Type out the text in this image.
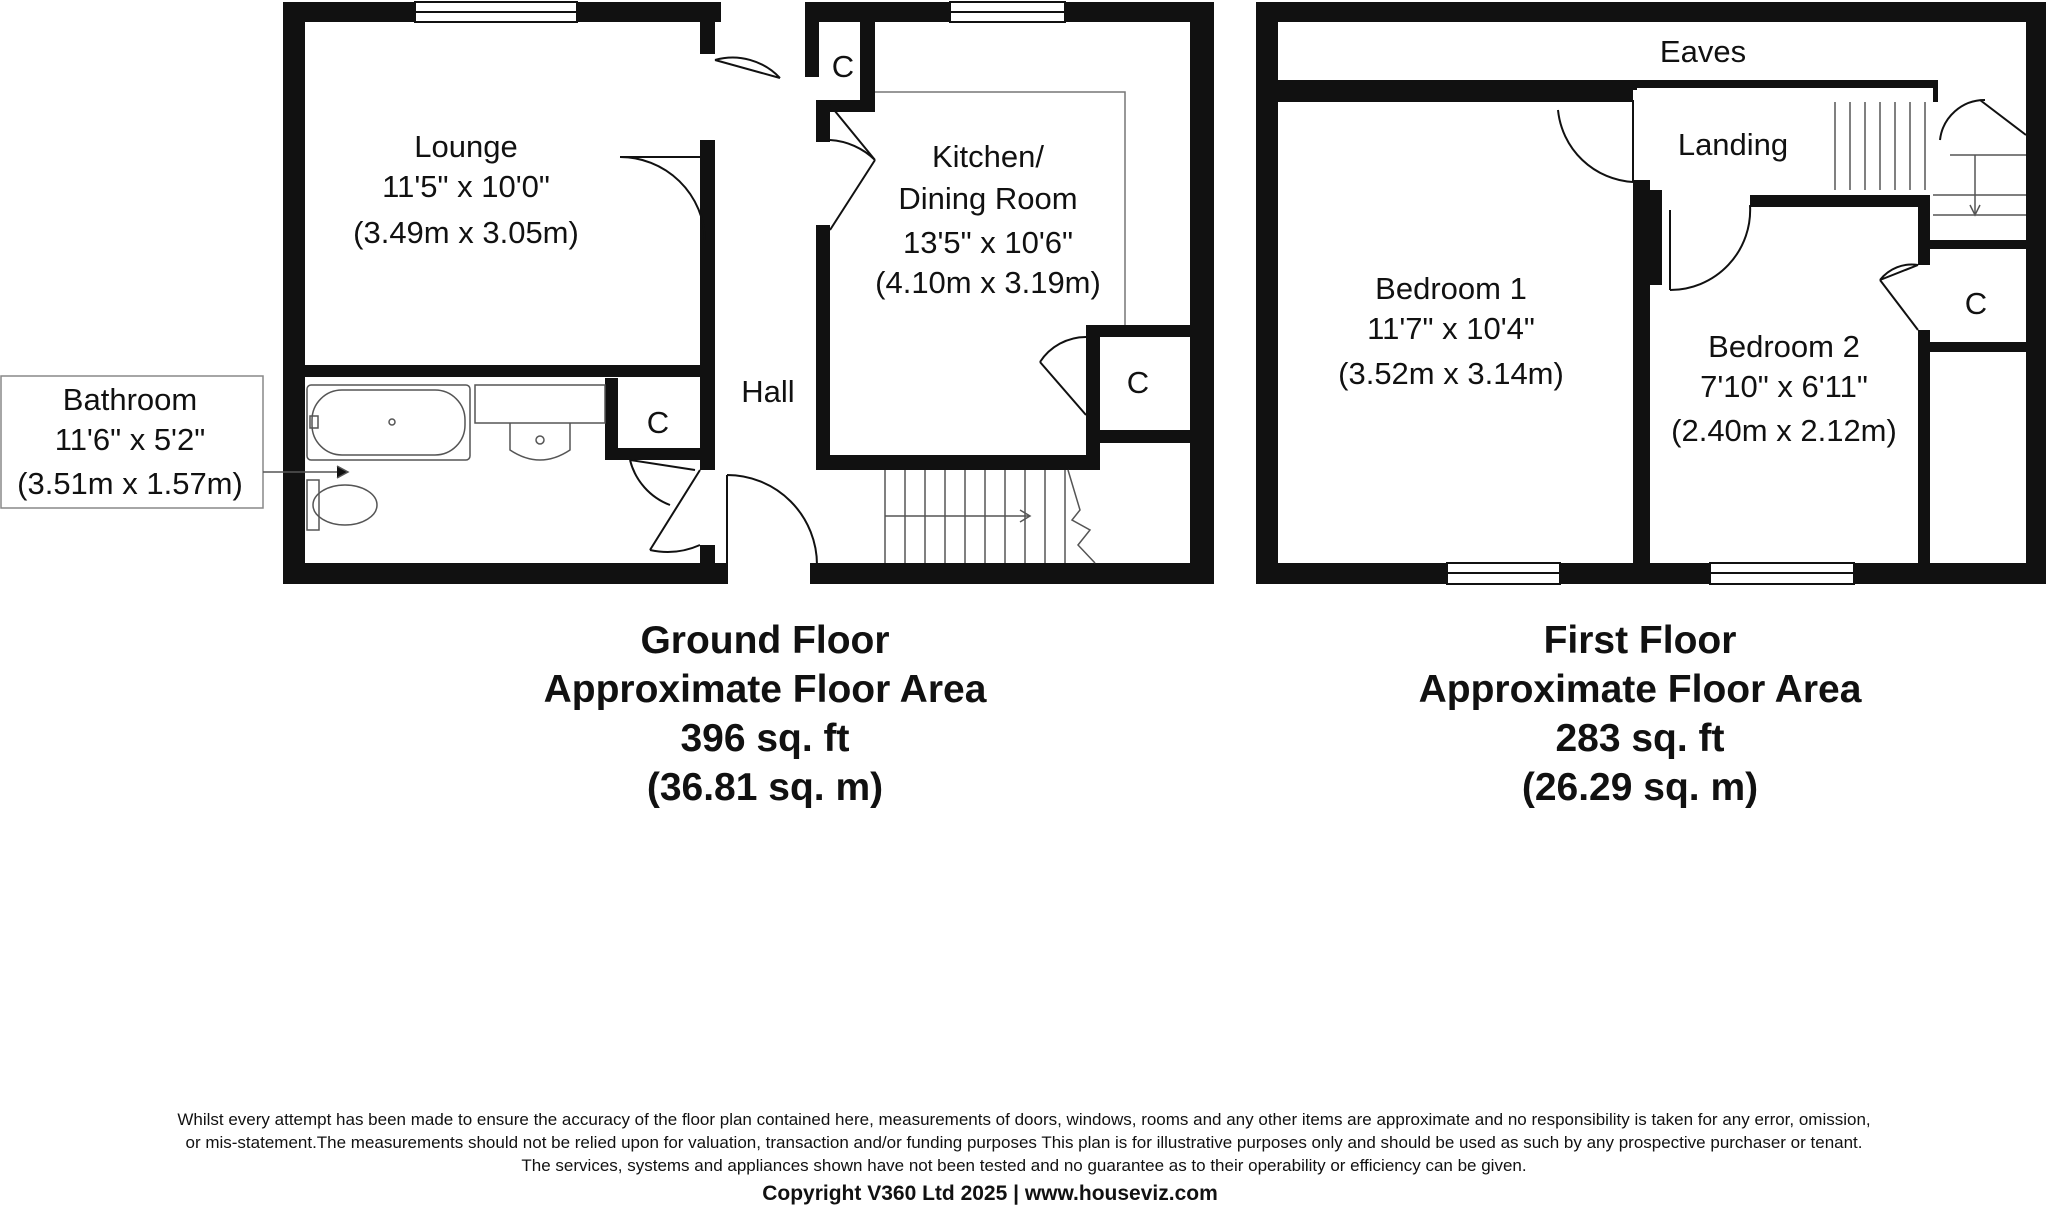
Lounge
11'5" x 10'0"
(3.49m x 3.05m)
Kitchen/
Dining Room
13'5" x 10'6"
(4.10m x 3.19m)
Hall
Bathroom
11'6" x 5'2"
(3.51m x 1.57m)
C
C
C
Eaves
Landing
Bedroom 1
11'7" x 10'4"
(3.52m x 3.14m)
Bedroom 2
7'10" x 6'11"
(2.40m x 2.12m)
C
Ground Floor
Approximate Floor Area
396 sq. ft
(36.81 sq. m)
First Floor
Approximate Floor Area
283 sq. ft
(26.29 sq. m)
Whilst every attempt has been made to ensure the accuracy of the floor plan contained here, measurements of doors, windows, rooms and any other items are approximate and no responsibility is taken for any error, omission,
or mis-statement.The measurements should not be relied upon for valuation, transaction and/or funding purposes This plan is for illustrative purposes only and should be used as such by any prospective purchaser or tenant.
The services, systems and appliances shown have not been tested and no guarantee as to their operability or efficiency can be given.
Copyright V360 Ltd 2025 | www.houseviz.com
